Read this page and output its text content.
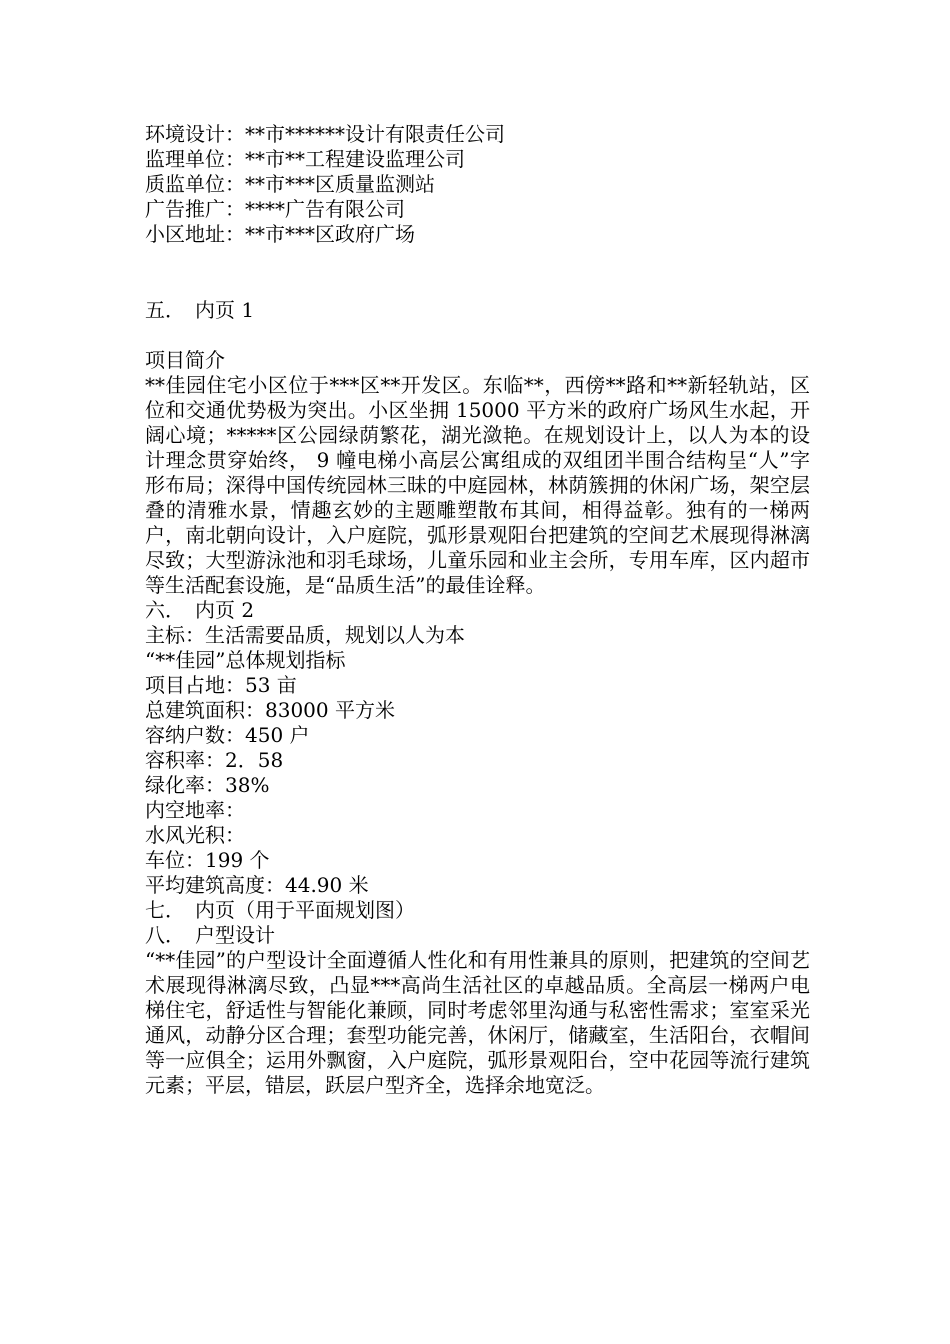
环境设计：**市******设计有限责任公司
监理单位：**市**工程建设监理公司
质监单位：**市***区质量监测站
广告推广：****广告有限公司
小区地址：**市***区政府广场
五．　内页 1
项目简介
**佳园住宅小区位于***区**开发区。东临**，西傍**路和**新轻轨站，区位和交通优势极为突出。小区坐拥 15000 平方米的政府广场风生水起，开阔心境；*****区公园绿荫繁花，湖光潋艳。在规划设计上，以人为本的设计理念贯穿始终， 9 幢电梯小高层公寓组成的双组团半围合结构呈“人”字形布局；深得中国传统园林三昧的中庭园林，林荫簇拥的休闲广场，架空层叠的清雅水景，情趣玄妙的主题雕塑散布其间，相得益彰。独有的一梯两户，南北朝向设计，入户庭院，弧形景观阳台把建筑的空间艺术展现得淋漓尽致；大型游泳池和羽毛球场，儿童乐园和业主会所，专用车库，区内超市等生活配套设施，是“品质生活”的最佳诠释。
六．　内页 2
主标：生活需要品质，规划以人为本
“**佳园”总体规划指标
项目占地：53 亩
总建筑面积：83000 平方米
容纳户数：450 户
容积率：2．58
绿化率：38%
内空地率：
水风光积：
车位：199 个
平均建筑高度：44.90 米
七．　内页（用于平面规划图）
八．　户型设计
“**佳园”的户型设计全面遵循人性化和有用性兼具的原则，把建筑的空间艺术展现得淋漓尽致，凸显***高尚生活社区的卓越品质。全高层一梯两户电梯住宅，舒适性与智能化兼顾，同时考虑邻里沟通与私密性需求；室室采光通风，动静分区合理；套型功能完善，休闲厅，储藏室，生活阳台，衣帽间等一应俱全；运用外飘窗，入户庭院，弧形景观阳台，空中花园等流行建筑元素；平层，错层，跃层户型齐全，选择余地宽泛。
